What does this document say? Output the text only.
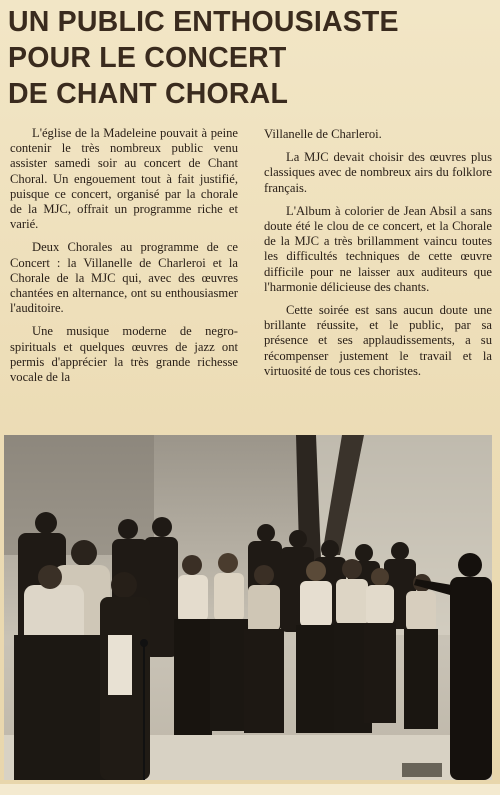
UN PUBLIC ENTHOUSIASTE
POUR LE CONCERT
DE CHANT CHORAL

L'église de la Madeleine pouvait à peine contenir le très nombreux public venu assister samedi soir au concert de Chant Choral. Un engouement tout à fait justifié, puisque ce concert, organisé par la chorale de la MJC, offrait un programme riche et varié.

Deux Chorales au programme de ce Concert : la Villanelle de Charleroi et la Chorale de la MJC qui, avec des œuvres chantées en alternance, ont su enthousiasmer l'auditoire.

Une musique moderne de negro-spirituals et quelques œuvres de jazz ont permis d'apprécier la très grande richesse vocale de la

Villanelle de Charleroi.

La MJC devait choisir des œuvres plus classiques avec de nombreux airs du folklore français.

L'Album à colorier de Jean Absil a sans doute été le clou de ce concert, et la Chorale de la MJC a très brillamment vaincu toutes les difficultés techniques de cette œuvre difficile pour ne laisser aux auditeurs que l'harmonie délicieuse des chants.

Cette soirée est sans aucun doute une brillante réussite, et le public, par sa présence et ses applaudissements, a su récompenser justement le travail et la virtuosité de tous ces choristes.
